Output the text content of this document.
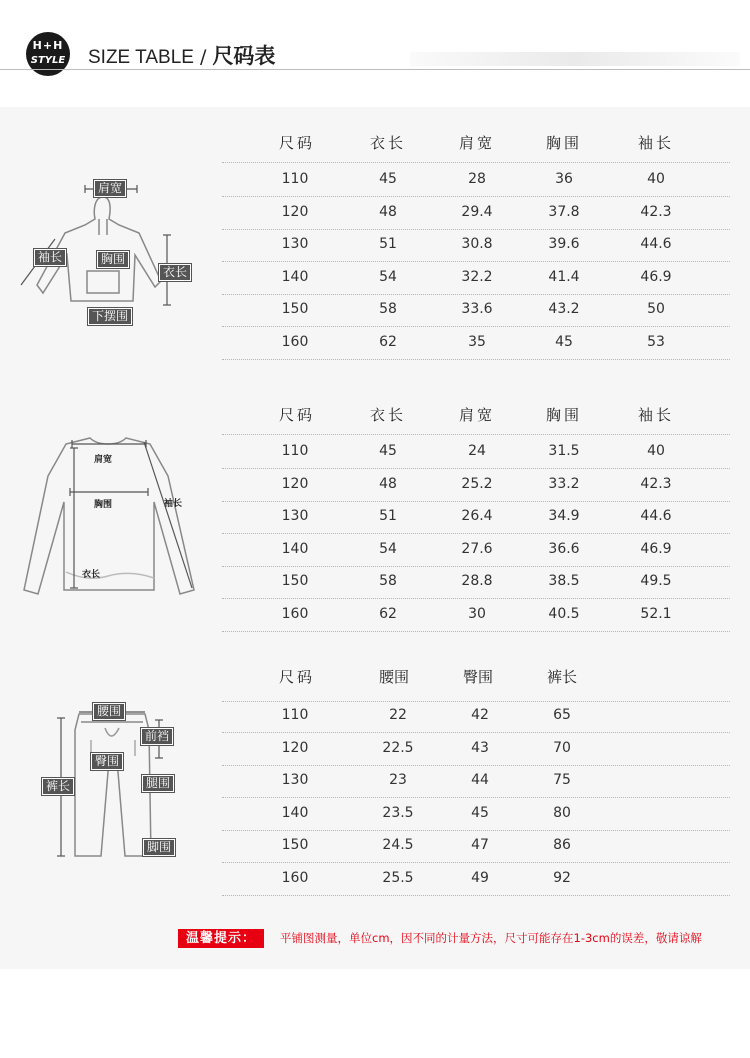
H+H
STYLE SIZE TABLE / 尺码表
肩宽
袖长	胸围
衣长
下摆围
尺码	衣长	肩宽	胸围	袖长
110	45	28	36	40
120	48	29.4	37.8	42.3
130	51	30.8	39.6	44.6
140	54	32.2	41.4	46.9
150	58	33.6	43.2	50
160	62	35	45	53
肩宽
胸围	袖长
衣长
尺码	衣长	肩宽	胸围	袖长
110	45	24	31.5	40
120	48	25.2	33.2	42.3
130	51	26.4	34.9	44.6
140	54	27.6	36.6	46.9
150	58	28.8	38.5	49.5
160	62	30	40.5	52.1
腰围
前裆
臀围
裤长	腿围
脚围
尺码	腰围	臀围	裤长
110	22	42	65
120	22.5	43	70
130	23	44	75
140	23.5	45	80
150	24.5	47	86
160	25.5	49	92
温馨提示：	平铺图测量，单位cm，因不同的计量方法，尺寸可能存在1-3cm的误差，敬请谅解
